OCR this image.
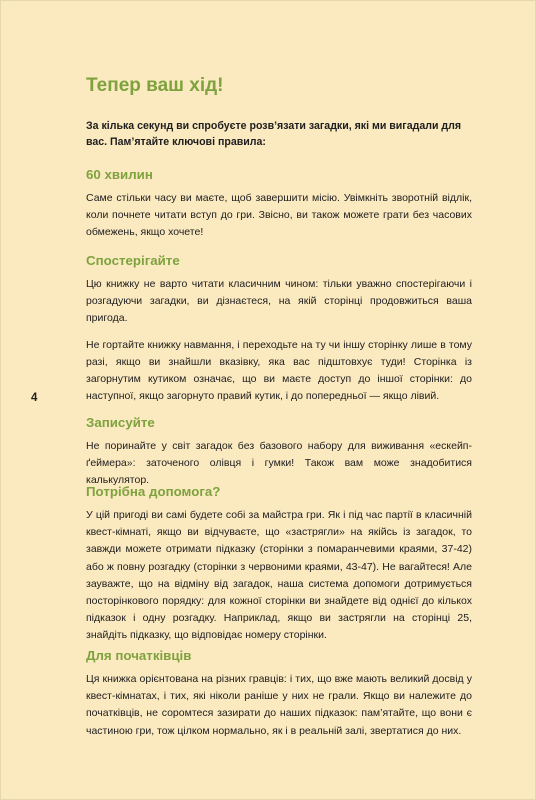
Тепер ваш хід!

За кілька секунд ви спробуєте розв’язати загадки, які ми вигадали для вас. Пам’ятайте ключові правила:

60 хвилин

Саме стільки часу ви маєте, щоб завершити місію. Увімкніть зворотній відлік, коли почнете читати вступ до гри. Звісно, ви також можете грати без часових обмежень, якщо хочете!

Спостерігайте

Цю книжку не варто читати класичним чином: тільки уважно спостерігаючи і розгадуючи загадки, ви дізнаєтеся, на якій сторінці продовжиться ваша пригода.

Не гортайте книжку навмання, і переходьте на ту чи іншу сторінку лише в тому разі, якщо ви знайшли вказівку, яка вас підштовхує туди! Сторінка із загорнутим кутиком означає, що ви маєте доступ до іншої сторінки: до наступної, якщо загорнуто правий кутик, і до попередньої — якщо лівий.

4
Записуйте

Не поринайте у світ загадок без базового набору для виживання «ескейп-ґеймера»: заточеного олівця і гумки! Також вам може знадобитися калькулятор.

Потрібна допомога?

У цій пригоді ви самі будете собі за майстра гри. Як і під час партії в класичній квест-кімнаті, якщо ви відчуваєте, що «застрягли» на якійсь із загадок, то завжди можете отримати підказку (сторінки з помаранчевими краями, 37-42) або ж повну розгадку (сторінки з червоними краями, 43-47). Не вагайтеся! Але зауважте, що на відміну від загадок, наша система допомоги дотримується посторінкового порядку: для кожної сторінки ви знайдете від однієї до кількох підказок і одну розгадку. Наприклад, якщо ви застрягли на сторінці 25, знайдіть підказку, що відповідає номеру сторінки.

Для початківців

Ця книжка орієнтована на різних гравців: і тих, що вже мають великий досвід у квест-кімнатах, і тих, які ніколи раніше у них не грали. Якщо ви належите до початківців, не соромтеся зазирати до наших підказок: пам’ятайте, що вони є частиною гри, тож цілком нормально, як і в реальній залі, звертатися до них.
